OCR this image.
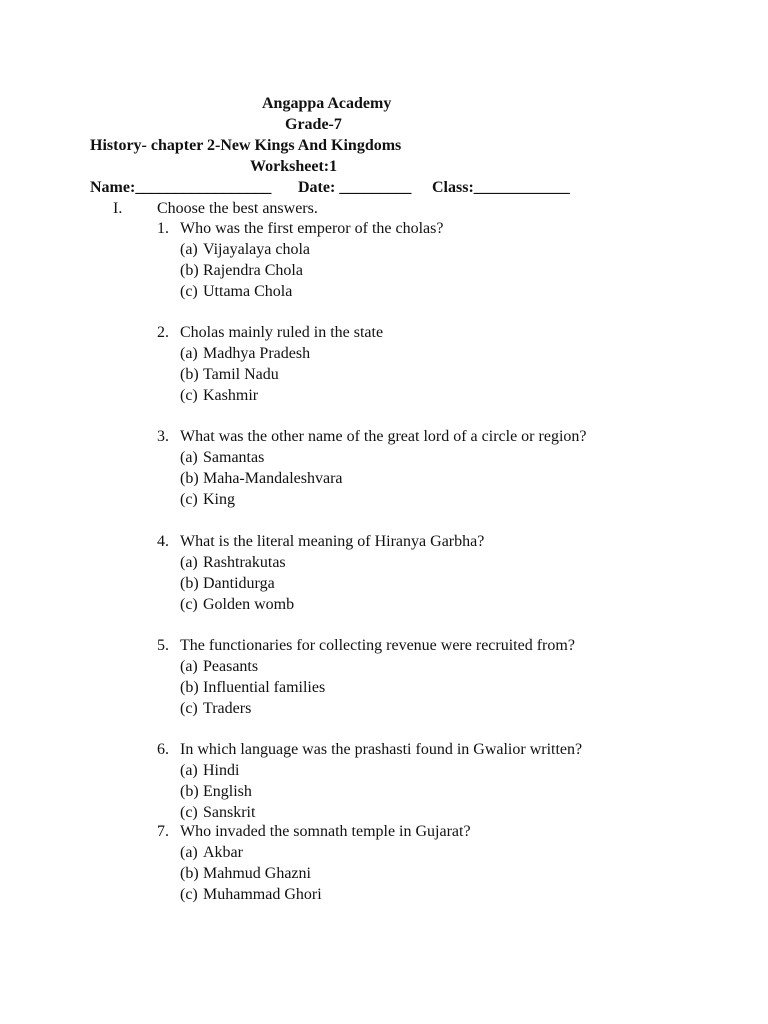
Angappa Academy
Grade-7
History- chapter 2-New Kings And Kingdoms
Worksheet:1
Name:_________________ Date: _________ Class:____________
I. Choose the best answers.
1. Who was the first emperor of the cholas?
(a) Vijayalaya chola
(b) Rajendra Chola
(c) Uttama Chola
2. Cholas mainly ruled in the state
(a) Madhya Pradesh
(b) Tamil Nadu
(c) Kashmir
3. What was the other name of the great lord of a circle or region?
(a) Samantas
(b) Maha-Mandaleshvara
(c) King
4. What is the literal meaning of Hiranya Garbha?
(a) Rashtrakutas
(b) Dantidurga
(c) Golden womb
5. The functionaries for collecting revenue were recruited from?
(a) Peasants
(b) Influential families
(c) Traders
6. In which language was the prashasti found in Gwalior written?
(a) Hindi
(b) English
(c) Sanskrit
7. Who invaded the somnath temple in Gujarat?
(a) Akbar
(b) Mahmud Ghazni
(c) Muhammad Ghori
